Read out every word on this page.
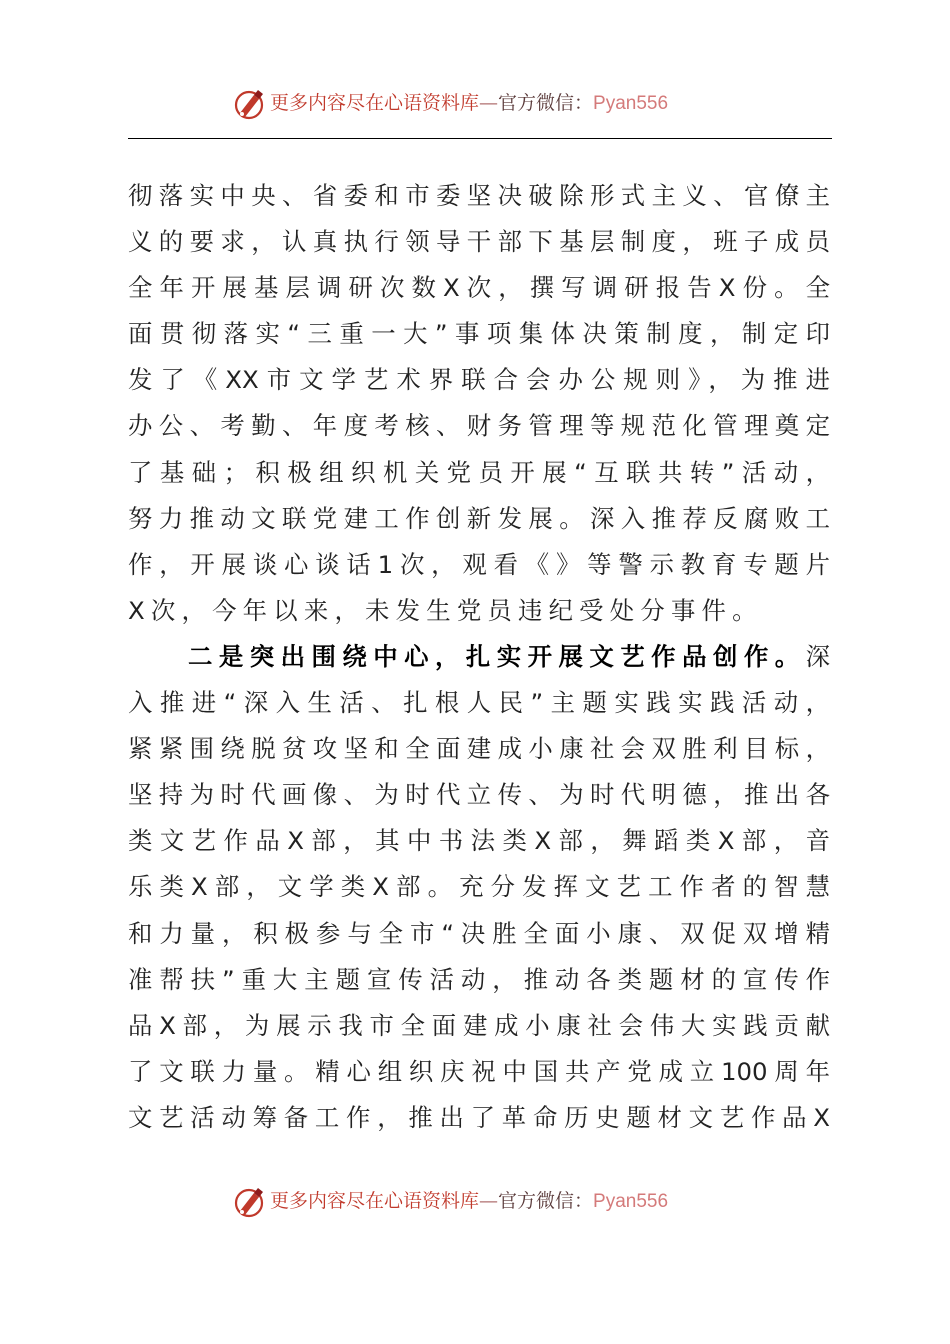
更多内容尽在心语资料库—官方微信：Pyan556
彻落实中央、省委和市委坚决破除形式主义、官僚主
义的要求，认真执行领导干部下基层制度，班子成员
全年开展基层调研次数X次，撰写调研报告X份。全
面贯彻落实“三重一大”事项集体决策制度，制定印
发了《XX市文学艺术界联合会办公规则》，为推进
办公、考勤、年度考核、财务管理等规范化管理奠定
了基础；积极组织机关党员开展“互联共转”活动，
努力推动文联党建工作创新发展。深入推荐反腐败工
作，开展谈心谈话1次，观看《》等警示教育专题片
X次，今年以来，未发生党员违纪受处分事件。
二是突出围绕中心，扎实开展文艺作品创作。深
入推进“深入生活、扎根人民”主题实践实践活动，
紧紧围绕脱贫攻坚和全面建成小康社会双胜利目标，
坚持为时代画像、为时代立传、为时代明德，推出各
类文艺作品X部，其中书法类X部，舞蹈类X部，音
乐类X部，文学类X部。充分发挥文艺工作者的智慧
和力量，积极参与全市“决胜全面小康、双促双增精
准帮扶”重大主题宣传活动，推动各类题材的宣传作
品X部，为展示我市全面建成小康社会伟大实践贡献
了文联力量。精心组织庆祝中国共产党成立100周年
文艺活动筹备工作，推出了革命历史题材文艺作品X
更多内容尽在心语资料库—官方微信：Pyan556
